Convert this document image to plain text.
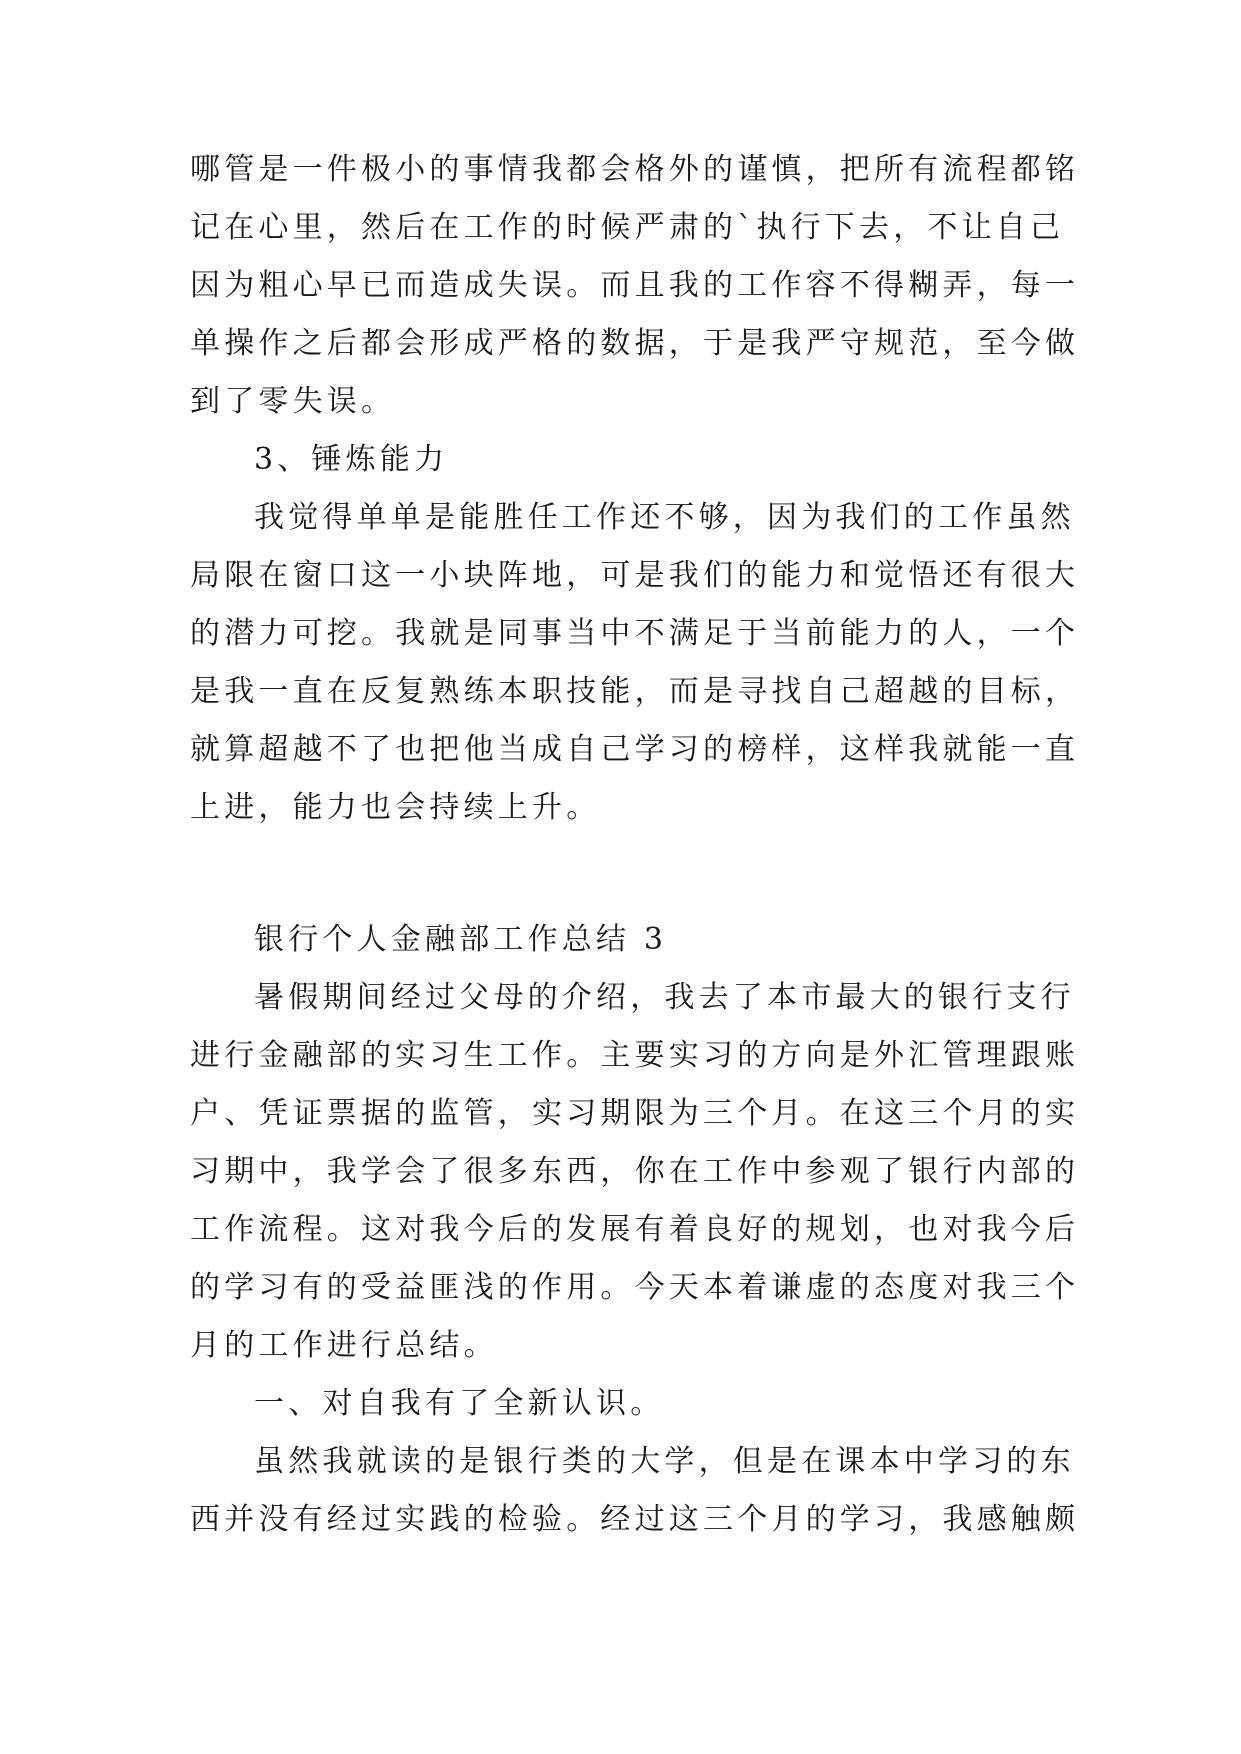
哪管是一件极小的事情我都会格外的谨慎，把所有流程都铭
记在心里，然后在工作的时候严肃的`执行下去，不让自己
因为粗心早已而造成失误。而且我的工作容不得糊弄，每一
单操作之后都会形成严格的数据，于是我严守规范，至今做
到了零失误。
3、锤炼能力
我觉得单单是能胜任工作还不够，因为我们的工作虽然
局限在窗口这一小块阵地，可是我们的能力和觉悟还有很大
的潜力可挖。我就是同事当中不满足于当前能力的人，一个
是我一直在反复熟练本职技能，而是寻找自己超越的目标，
就算超越不了也把他当成自己学习的榜样，这样我就能一直
上进，能力也会持续上升。
银行个人金融部工作总结 3
暑假期间经过父母的介绍，我去了本市最大的银行支行
进行金融部的实习生工作。主要实习的方向是外汇管理跟账
户、凭证票据的监管，实习期限为三个月。在这三个月的实
习期中，我学会了很多东西，你在工作中参观了银行内部的
工作流程。这对我今后的发展有着良好的规划，也对我今后
的学习有的受益匪浅的作用。今天本着谦虚的态度对我三个
月的工作进行总结。
一、对自我有了全新认识。
虽然我就读的是银行类的大学，但是在课本中学习的东
西并没有经过实践的检验。经过这三个月的学习，我感触颇
